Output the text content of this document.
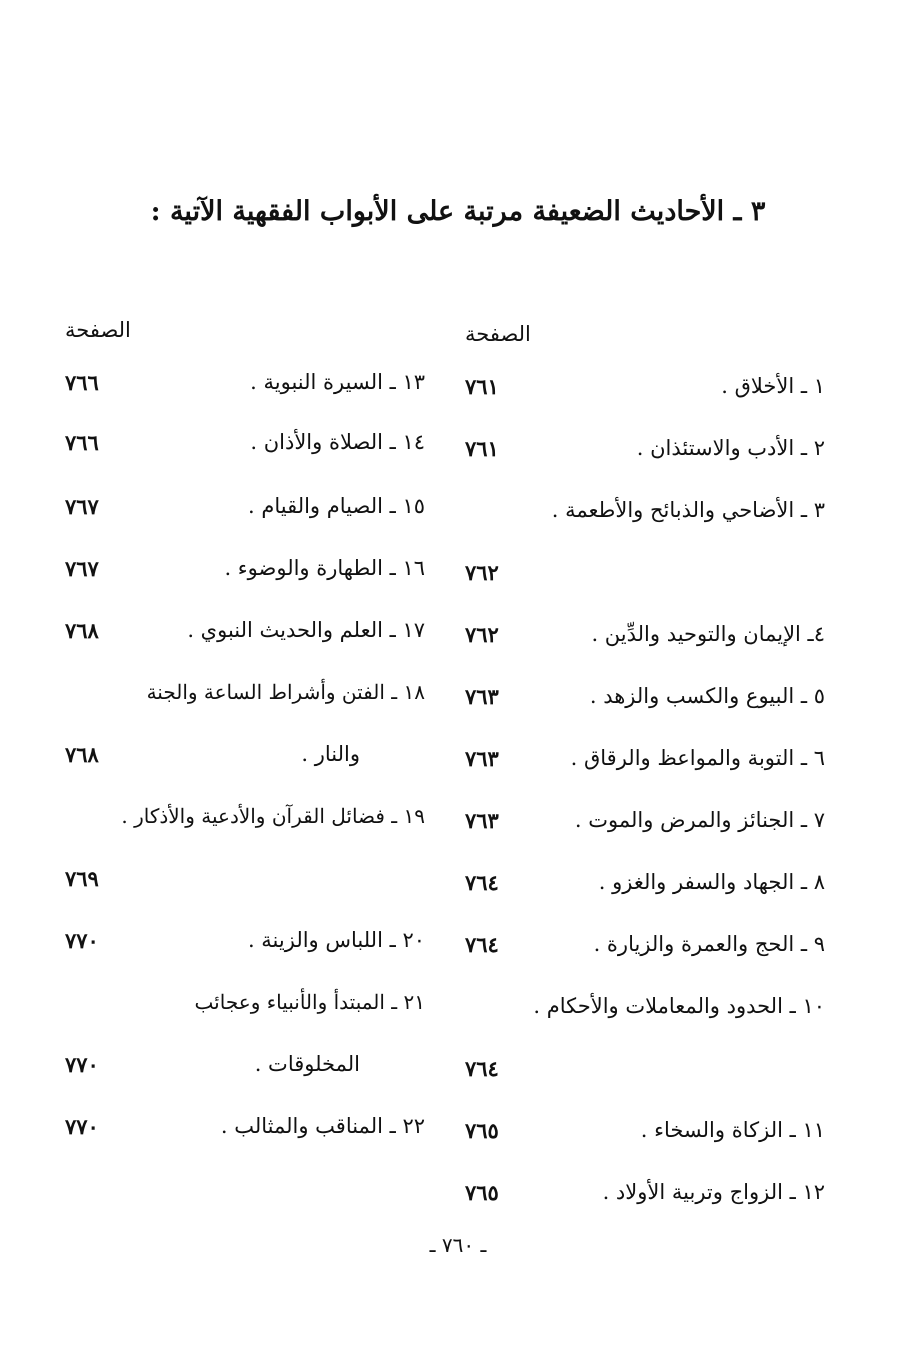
٣ ـ الأحاديث الضعيفة مرتبة على الأبواب الفقهية الآتية :
الصفحة
١ ـ الأخلاق .
٧٦١
٢ ـ الأدب والاستئذان .
٧٦١
٣ ـ الأضاحي والذبائح والأطعمة .
٧٦٢
٤ـ الإيمان والتوحيد والدِّين .
٧٦٢
٥ ـ البيوع والكسب والزهد .
٧٦٣
٦ ـ التوبة والمواعظ والرقاق .
٧٦٣
٧ ـ الجنائز والمرض والموت .
٧٦٣
٨ ـ الجهاد والسفر والغزو .
٧٦٤
٩ ـ الحج والعمرة والزيارة .
٧٦٤
١٠ ـ الحدود والمعاملات والأحكام .
٧٦٤
١١ ـ الزكاة والسخاء .
٧٦٥
١٢ ـ الزواج وتربية الأولاد .
٧٦٥
الصفحة
١٣ ـ السيرة النبوية .
٧٦٦
١٤ ـ الصلاة والأذان .
٧٦٦
١٥ ـ الصيام والقيام .
٧٦٧
١٦ ـ الطهارة والوضوء .
٧٦٧
١٧ ـ العلم والحديث النبوي .
٧٦٨
١٨ ـ الفتن وأشراط الساعة والجنة
والنار .
٧٦٨
١٩ ـ فضائل القرآن والأدعية والأذكار .
٧٦٩
٢٠ ـ اللباس والزينة .
٧٧٠
٢١ ـ المبتدأ والأنبياء وعجائب
المخلوقات .
٧٧٠
٢٢ ـ المناقب والمثالب .
٧٧٠
ـ ٧٦٠ ـ
